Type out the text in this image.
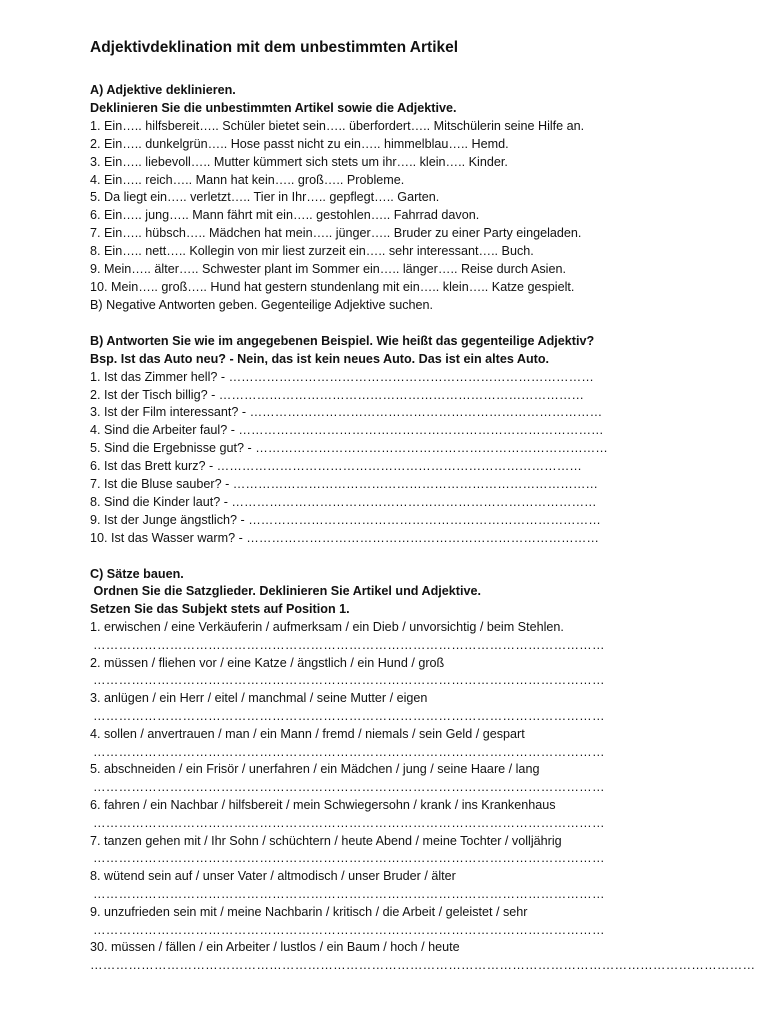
Adjektivdeklination mit dem unbestimmten Artikel
A) Adjektive deklinieren.
Deklinieren Sie die unbestimmten Artikel sowie die Adjektive.
1. Ein….. hilfsbereit….. Schüler bietet sein….. überfordert….. Mitschülerin seine Hilfe an.
2. Ein….. dunkelgrün….. Hose passt nicht zu ein….. himmelblau….. Hemd.
3. Ein….. liebevoll….. Mutter kümmert sich stets um ihr….. klein….. Kinder.
4. Ein….. reich….. Mann hat kein….. groß….. Probleme.
5. Da liegt ein….. verletzt….. Tier in Ihr….. gepflegt….. Garten.
6. Ein….. jung….. Mann fährt mit ein….. gestohlen….. Fahrrad davon.
7. Ein….. hübsch….. Mädchen hat mein….. jünger….. Bruder zu einer Party eingeladen.
8. Ein….. nett….. Kollegin von mir liest zurzeit ein….. sehr interessant….. Buch.
9. Mein….. älter….. Schwester plant im Sommer ein….. länger….. Reise durch Asien.
10. Mein….. groß….. Hund hat gestern stundenlang mit ein….. klein….. Katze gespielt.
B) Negative Antworten geben. Gegenteilige Adjektive suchen.
B) Antworten Sie wie im angegebenen Beispiel. Wie heißt das gegenteilige Adjektiv?
Bsp. Ist das Auto neu? - Nein, das ist kein neues Auto. Das ist ein altes Auto.
1. Ist das Zimmer hell? - ……………………………………………………………………………
2. Ist der Tisch billig? - ……………………………………………………………………………
3. Ist der Film interessant? - …………………………………………………………………………
4. Sind die Arbeiter faul? - ……………………………………………………………………………
5. Sind die Ergebnisse gut? - …………………………………………………………………………
6. Ist das Brett kurz? - ……………………………………………………………………………
7. Ist die Bluse sauber? - ……………………………………………………………………………
8. Sind die Kinder laut? - ……………………………………………………………………………
9. Ist der Junge ängstlich? - …………………………………………………………………………
10. Ist das Wasser warm? - …………………………………………………………………………
C) Sätze bauen.
Ordnen Sie die Satzglieder. Deklinieren Sie Artikel und Adjektive.
Setzen Sie das Subjekt stets auf Position 1.
1. erwischen / eine Verkäuferin / aufmerksam / ein Dieb / unvorsichtig / beim Stehlen.
…………………………………………………………………………………………………………
2. müssen / fliehen vor / eine Katze / ängstlich / ein Hund / groß
…………………………………………………………………………………………………………
3. anlügen / ein Herr / eitel / manchmal / seine Mutter / eigen
…………………………………………………………………………………………………………
4. sollen / anvertrauen / man / ein Mann / fremd / niemals / sein Geld / gespart
…………………………………………………………………………………………………………
5. abschneiden / ein Frisör / unerfahren / ein Mädchen / jung / seine Haare / lang
…………………………………………………………………………………………………………
6. fahren / ein Nachbar / hilfsbereit / mein Schwiegersohn / krank / ins Krankenhaus
…………………………………………………………………………………………………………
7. tanzen gehen mit / Ihr Sohn / schüchtern / heute Abend / meine Tochter / volljährig
…………………………………………………………………………………………………………
8. wütend sein auf / unser Vater / altmodisch / unser Bruder / älter
…………………………………………………………………………………………………………
9. unzufrieden sein mit / meine Nachbarin / kritisch / die Arbeit / geleistet / sehr
…………………………………………………………………………………………………………
30. müssen / fällen / ein Arbeiter / lustlos / ein Baum / hoch / heute
…………………………………………………………………………………………………………………………………………
